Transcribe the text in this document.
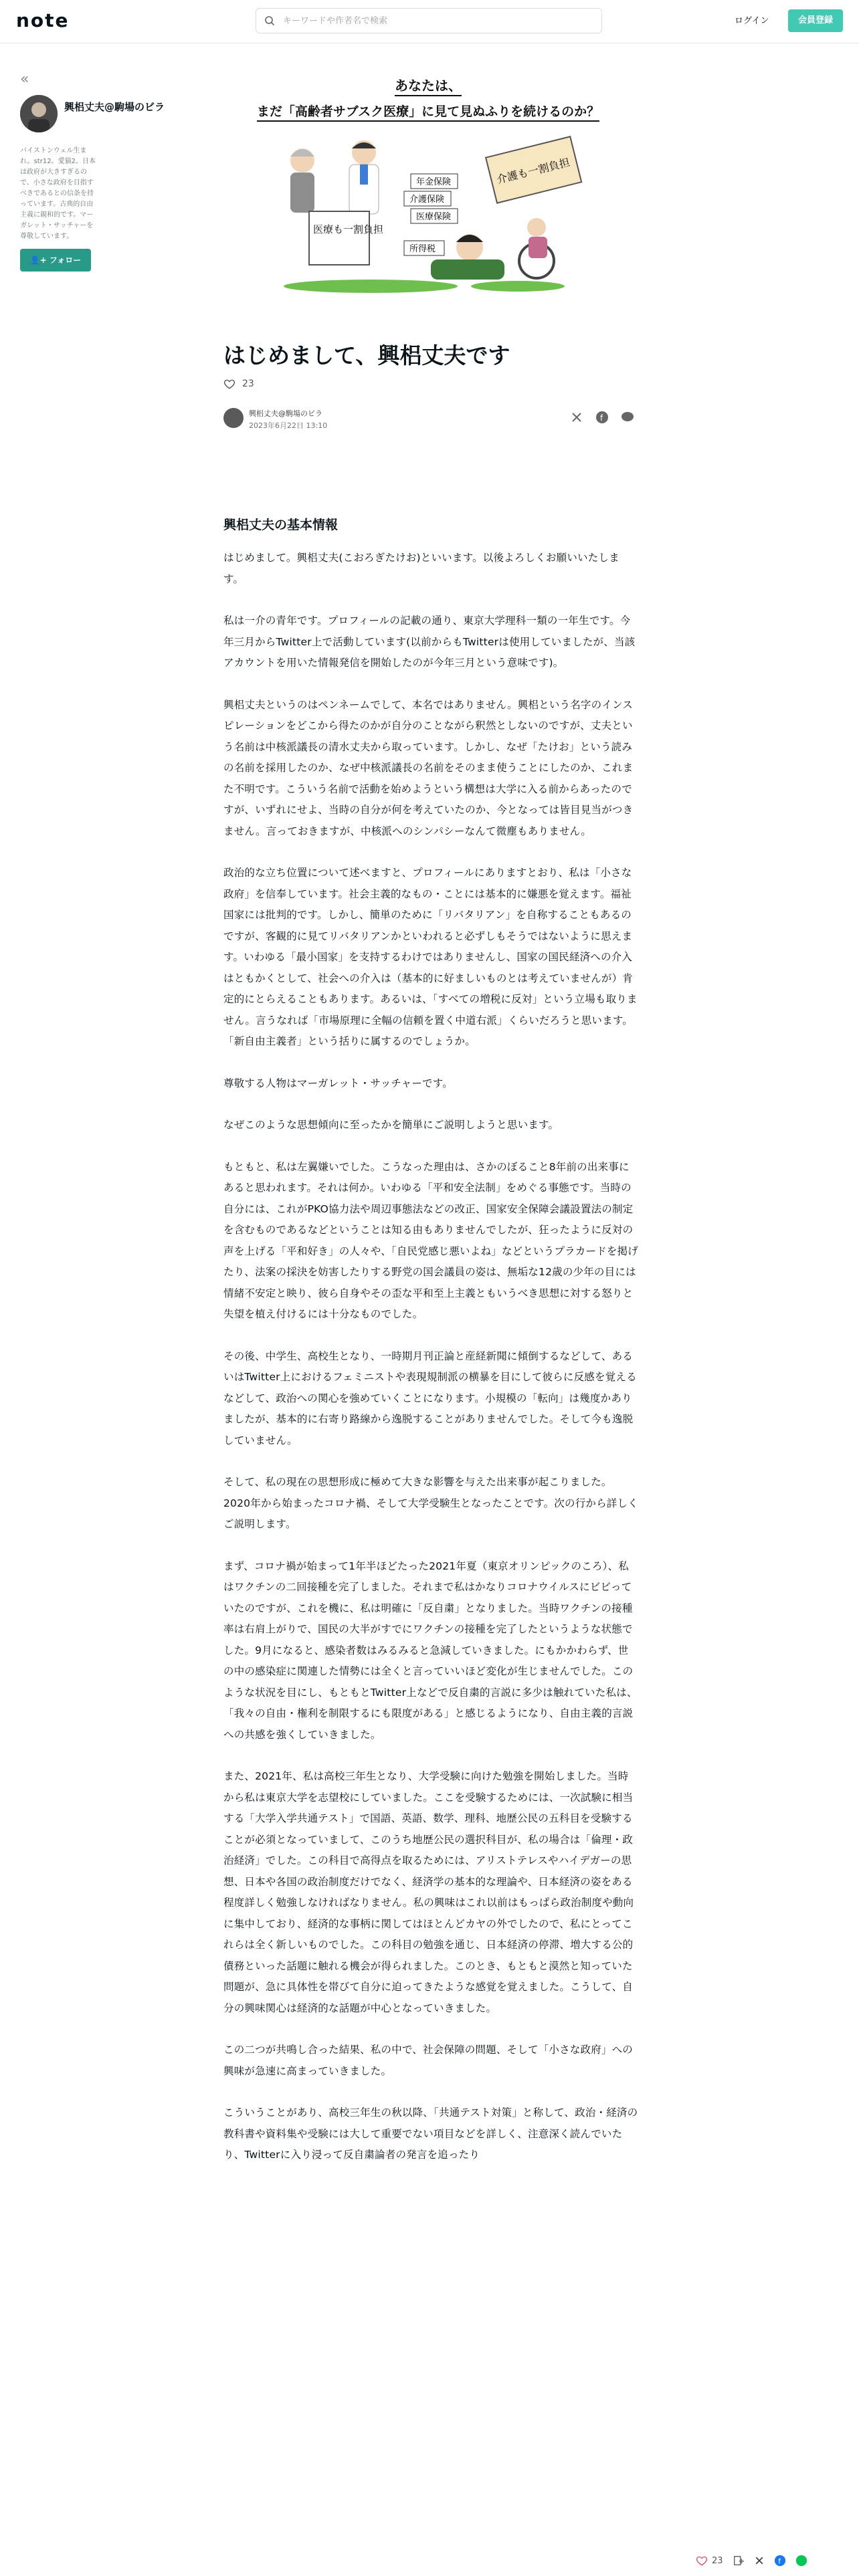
note
キーワードや作者名で検索	ログイン	会員登録
«
興梠丈夫@駒場のビラ
バイストンウェル生まれ。str12、愛猫2。日本は政府が大きすぎるので、小さな政府を目指すべきであるとの信条を持っています。古典的自由主義に親和的です。マーガレット・サッチャーを尊敬しています。
👤+ フォロー
あなたは、
まだ「高齢者サブスク医療」に見て見ぬふりを続けるのか？
医療も一割負担
年金保険
介護保険
医療保険
所得税
介護も一割負担
はじめまして、興梠丈夫です
23
興梠丈夫@駒場のビラ
2023年6月22日 13:10
f
興梠丈夫の基本情報

はじめまして。興梠丈夫(こおろぎたけお)といいます。以後よろしくお願いいたします。

私は一介の青年です。プロフィールの記載の通り、東京大学理科一類の一年生です。今年三月からTwitter上で活動しています(以前からもTwitterは使用していましたが、当該アカウントを用いた情報発信を開始したのが今年三月という意味です)。

興梠丈夫というのはペンネームでして、本名ではありません。興梠という名字のインスピレーションをどこから得たのかが自分のことながら釈然としないのですが、丈夫という名前は中核派議長の清水丈夫から取っています。しかし、なぜ「たけお」という読みの名前を採用したのか、なぜ中核派議長の名前をそのまま使うことにしたのか、これまた不明です。こういう名前で活動を始めようという構想は大学に入る前からあったのですが、いずれにせよ、当時の自分が何を考えていたのか、今となっては皆目見当がつきません。言っておきますが、中核派へのシンパシーなんて微塵もありません。

政治的な立ち位置について述べますと、プロフィールにありますとおり、私は「小さな政府」を信奉しています。社会主義的なもの・ことには基本的に嫌悪を覚えます。福祉国家には批判的です。しかし、簡単のために「リバタリアン」を自称することもあるのですが、客観的に見てリバタリアンかといわれると必ずしもそうではないように思えます。いわゆる「最小国家」を支持するわけではありませんし、国家の国民経済への介入はともかくとして、社会への介入は（基本的に好ましいものとは考えていませんが）肯定的にとらえることもあります。あるいは、「すべての増税に反対」という立場も取りません。言うなれば「市場原理に全幅の信頼を置く中道右派」くらいだろうと思います。「新自由主義者」という括りに属するのでしょうか。

尊敬する人物はマーガレット・サッチャーです。

なぜこのような思想傾向に至ったかを簡単にご説明しようと思います。

もともと、私は左翼嫌いでした。こうなった理由は、さかのぼること8年前の出来事にあると思われます。それは何か。いわゆる「平和安全法制」をめぐる事態です。当時の自分には、これがPKO協力法や周辺事態法などの改正、国家安全保障会議設置法の制定を含むものであるなどということは知る由もありませんでしたが、狂ったように反対の声を上げる「平和好き」の人々や、「自民党感じ悪いよね」などというプラカードを掲げたり、法案の採決を妨害したりする野党の国会議員の姿は、無垢な12歳の少年の目には情緒不安定と映り、彼ら自身やその歪な平和至上主義ともいうべき思想に対する怒りと失望を植え付けるには十分なものでした。

その後、中学生、高校生となり、一時期月刊正論と産経新聞に傾倒するなどして、あるいはTwitter上におけるフェミニストや表現規制派の横暴を目にして彼らに反感を覚えるなどして、政治への関心を強めていくことになります。小規模の「転向」は幾度かありましたが、基本的に右寄り路線から逸脱することがありませんでした。そして今も逸脱していません。

そして、私の現在の思想形成に極めて大きな影響を与えた出来事が起こりました。2020年から始まったコロナ禍、そして大学受験生となったことです。次の行から詳しくご説明します。

まず、コロナ禍が始まって1年半ほどたった2021年夏（東京オリンピックのころ）、私はワクチンの二回接種を完了しました。それまで私はかなりコロナウイルスにビビっていたのですが、これを機に、私は明確に「反自粛」となりました。当時ワクチンの接種率は右肩上がりで、国民の大半がすでにワクチンの接種を完了したというような状態でした。9月になると、感染者数はみるみると急減していきました。にもかかわらず、世の中の感染症に関連した情勢には全くと言っていいほど変化が生じませんでした。このような状況を目にし、もともとTwitter上などで反自粛的言説に多少は触れていた私は、「我々の自由・権利を制限するにも限度がある」と感じるようになり、自由主義的言説への共感を強くしていきました。

また、2021年、私は高校三年生となり、大学受験に向けた勉強を開始しました。当時から私は東京大学を志望校にしていました。ここを受験するためには、一次試験に相当する「大学入学共通テスト」で国語、英語、数学、理科、地歴公民の五科目を受験することが必須となっていまして、このうち地歴公民の選択科目が、私の場合は「倫理・政治経済」でした。この科目で高得点を取るためには、アリストテレスやハイデガーの思想、日本や各国の政治制度だけでなく、経済学の基本的な理論や、日本経済の姿をある程度詳しく勉強しなければなりません。私の興味はこれ以前はもっぱら政治制度や動向に集中しており、経済的な事柄に関してはほとんどカヤの外でしたので、私にとってこれらは全く新しいものでした。この科目の勉強を通じ、日本経済の停滞、増大する公的債務といった話題に触れる機会が得られました。このとき、もともと漠然と知っていた問題が、急に具体性を帯びて自分に迫ってきたような感覚を覚えました。こうして、自分の興味関心は経済的な話題が中心となっていきました。

この二つが共鳴し合った結果、私の中で、社会保障の問題、そして「小さな政府」への興味が急速に高まっていきました。

こういうことがあり、高校三年生の秋以降、「共通テスト対策」と称して、政治・経済の教科書や資料集や受験には大して重要でない項目などを詳しく、注意深く読んでいたり、Twitterに入り浸って反自粛論者の発言を追ったり

23	f
